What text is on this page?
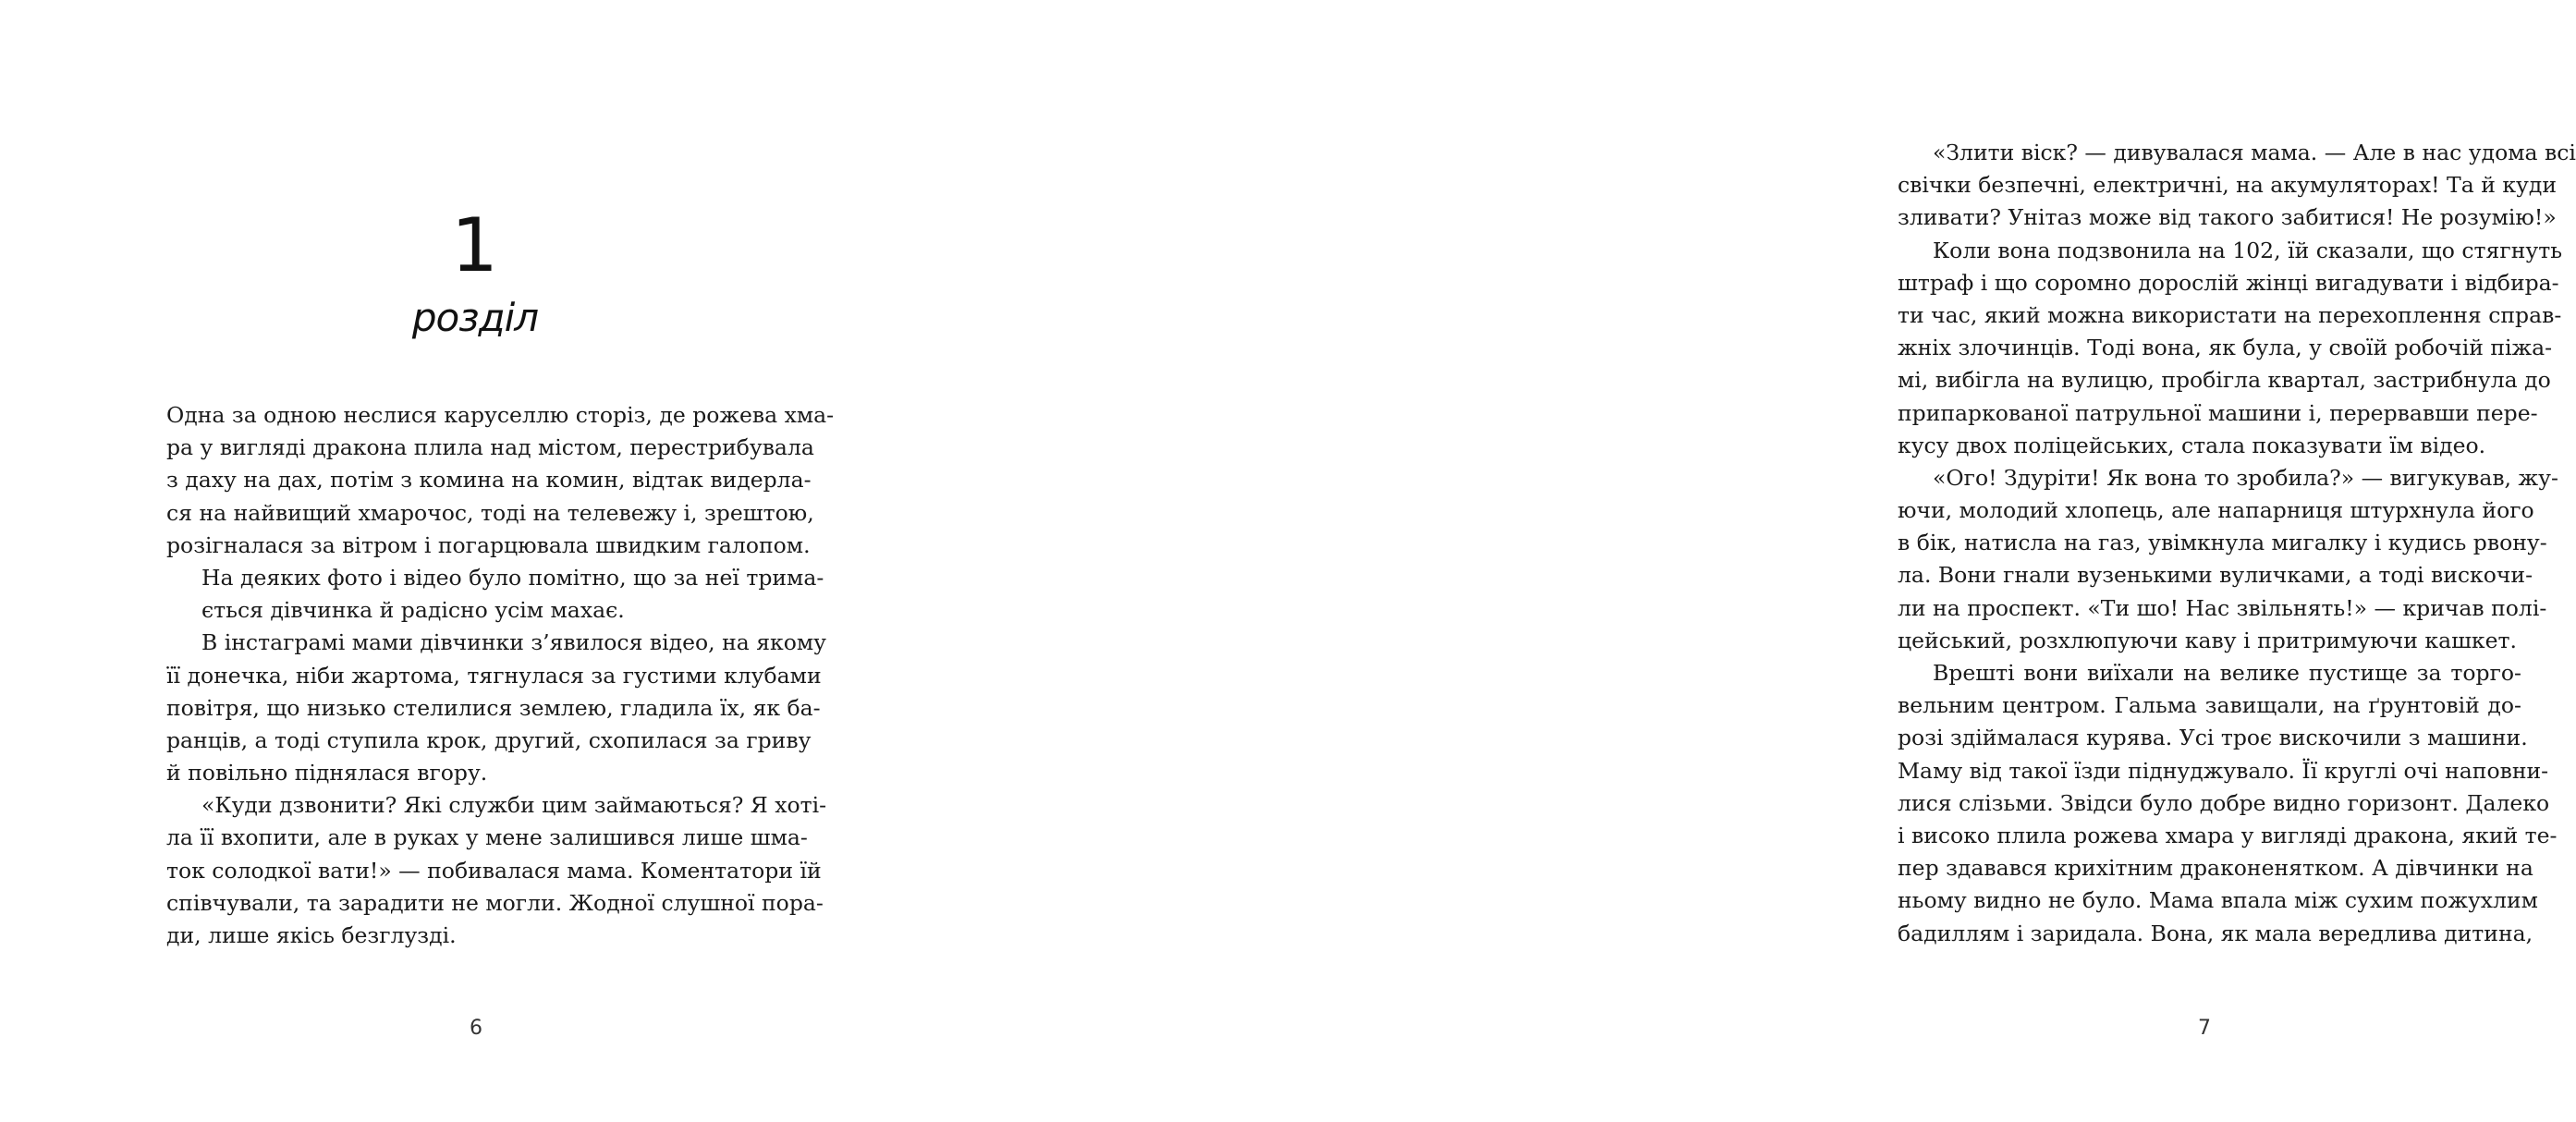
1
розділ
Одна за одною неслися каруселлю сторіз, де рожева хма-
ра у вигляді дракона плила над містом, перестрибувала
з даху на дах, потім з комина на комин, відтак видерла-
ся на найвищий хмарочос, тоді на телевежу і, зрештою,
розігналася за вітром і погарцювала швидким галопом.
На деяких фото і відео було помітно, що за неї трима-
ється дівчинка й радісно усім махає.
В інстаграмі мами дівчинки з’явилося відео, на якому
її донечка, ніби жартома, тягнулася за густими клубами
повітря, що низько стелилися землею, гладила їх, як ба-
ранців, а тоді ступила крок, другий, схопилася за гриву
й повільно піднялася вгору.
«Куди дзвонити? Які служби цим займаються? Я хоті-
ла її вхопити, але в руках у мене залишився лише шма-
ток солодкої вати!» — побивалася мама. Коментатори їй
співчували, та зарадити не могли. Жодної слушної пора-
ди, лише якісь безглузді.
6
«Злити віск? — дивувалася мама. — Але в нас удома всі
свічки безпечні, електричні, на акумуляторах! Та й куди
зливати? Унітаз може від такого забитися! Не розумію!»
Коли вона подзвонила на 102, їй сказали, що стягнуть
штраф і що соромно дорослій жінці вигадувати і відбира-
ти час, який можна використати на перехоплення справ-
жніх злочинців. Тоді вона, як була, у своїй робочій піжа-
мі, вибігла на вулицю, пробігла квартал, застрибнула до
припаркованої патрульної машини і, перервавши пере-
кусу двох поліцейських, стала показувати їм відео.
«Ого! Здуріти! Як вона то зробила?» — вигукував, жу-
ючи, молодий хлопець, але напарниця штурхнула його
в бік, натисла на газ, увімкнула мигалку і кудись рвону-
ла. Вони гнали вузенькими вуличками, а тоді вискочи-
ли на проспект. «Ти шо! Нас звільнять!» — кричав полі-
цейський, розхлюпуючи каву і притримуючи кашкет.
Врешті вони виїхали на велике пустище за торго-
вельним центром. Гальма завищали, на ґрунтовій до-
розі здіймалася курява. Усі троє вискочили з машини.
Маму від такої їзди піднуджувало. Її круглі очі наповни-
лися слізьми. Звідси було добре видно горизонт. Далеко
і високо плила рожева хмара у вигляді дракона, який те-
пер здавався крихітним драконенятком. А дівчинки на
ньому видно не було. Мама впала між сухим пожухлим
бадиллям і заридала. Вона, як мала вередлива дитина,
7
